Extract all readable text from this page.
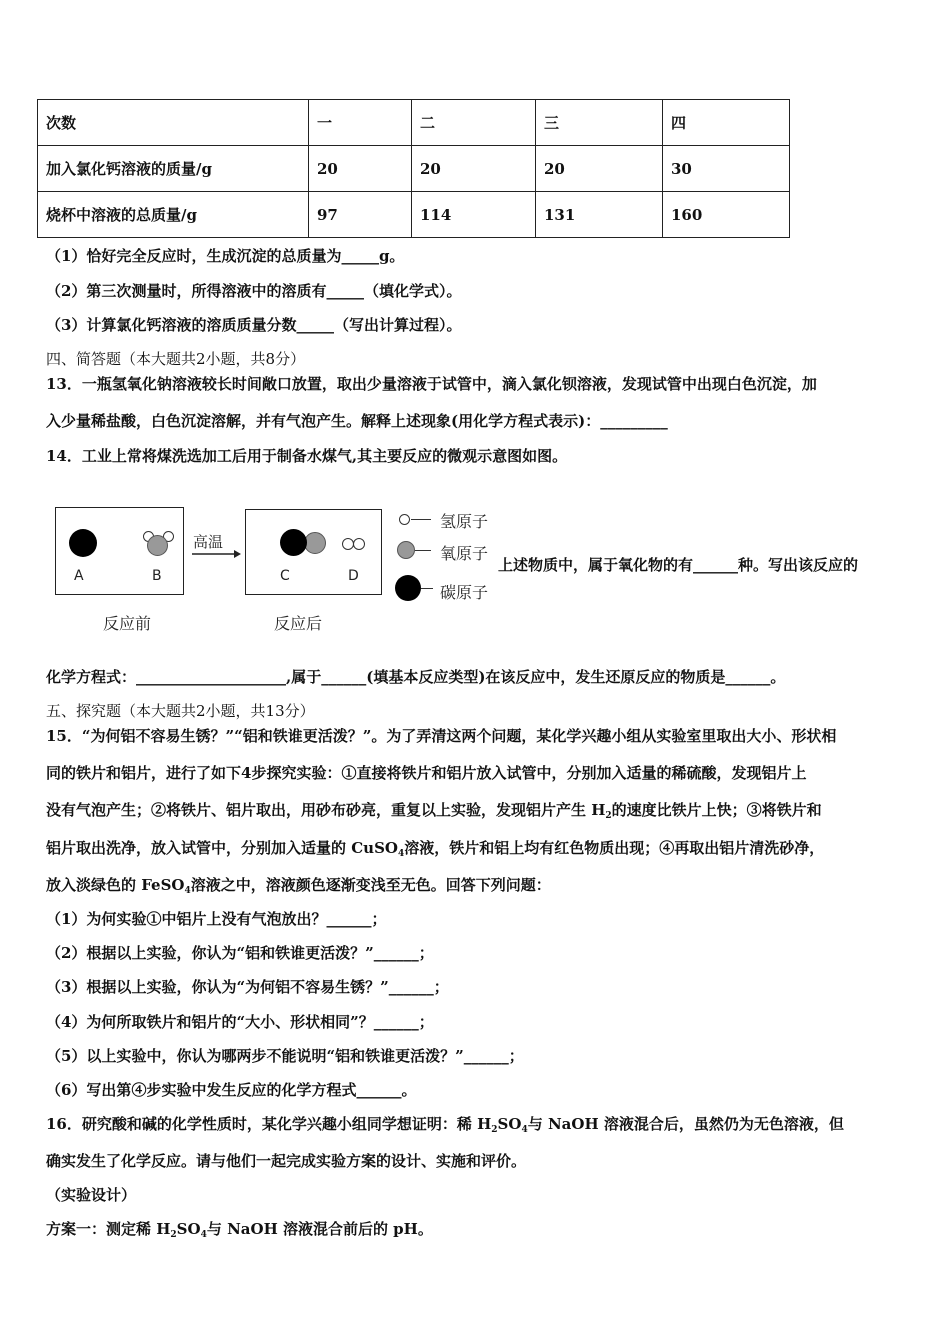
次数	一	二	三	四
加入氯化钙溶液的质量/g	20	20	20	30
烧杯中溶液的总质量/g	97	114	131	160
（1）恰好完全反应时，生成沉淀的总质量为_____g。
（2）第三次测量时，所得溶液中的溶质有_____（填化学式）。
（3）计算氯化钙溶液的溶质质量分数_____（写出计算过程）。
四、简答题（本大题共2小题，共8分）
13．一瓶氢氧化钠溶液较长时间敞口放置，取出少量溶液于试管中，滴入氯化钡溶液，发现试管中出现白色沉淀，加
入少量稀盐酸，白色沉淀溶解，并有气泡产生。解释上述现象(用化学方程式表示)：_________
14．工业上常将煤洗选加工后用于制备水煤气,其主要反应的微观示意图如图。
A	B
高温
C	D
反应前	反应后
氢原子
氧原子
碳原子
上述物质中，属于氧化物的有______种。写出该反应的
化学方程式：____________________,属于______(填基本反应类型)在该反应中，发生还原反应的物质是______。
五、探究题（本大题共2小题，共13分）
15．“为何铝不容易生锈？”“铝和铁谁更活泼？”。为了弄清这两个问题，某化学兴趣小组从实验室里取出大小、形状相
同的铁片和铝片，进行了如下4步探究实验：①直接将铁片和铝片放入试管中，分别加入适量的稀硫酸，发现铝片上
没有气泡产生；②将铁片、铝片取出，用砂布砂亮，重复以上实验，发现铝片产生 $H_2$的速度比铁片上快；③将铁片和
铝片取出洗净，放入试管中，分别加入适量的 CuSO$_4$溶液，铁片和铝上均有红色物质出现；④再取出铝片清洗砂净，
放入淡绿色的 FeSO$_4$溶液之中，溶液颜色逐渐变浅至无色。回答下列问题：
（1）为何实验①中铝片上没有气泡放出？______；
（2）根据以上实验，你认为“铝和铁谁更活泼？”______；
（3）根据以上实验，你认为“为何铝不容易生锈？”______；
（4）为何所取铁片和铝片的“大小、形状相同”？______；
（5）以上实验中，你认为哪两步不能说明“铝和铁谁更活泼？”______；
（6）写出第④步实验中发生反应的化学方程式______。
16．研究酸和碱的化学性质时，某化学兴趣小组同学想证明：稀 $H_2SO_4$与 NaOH 溶液混合后，虽然仍为无色溶液，但
确实发生了化学反应。请与他们一起完成实验方案的设计、实施和评价。
（实验设计）
方案一：测定稀 $H_2SO_4$与 NaOH 溶液混合前后的 pH。
